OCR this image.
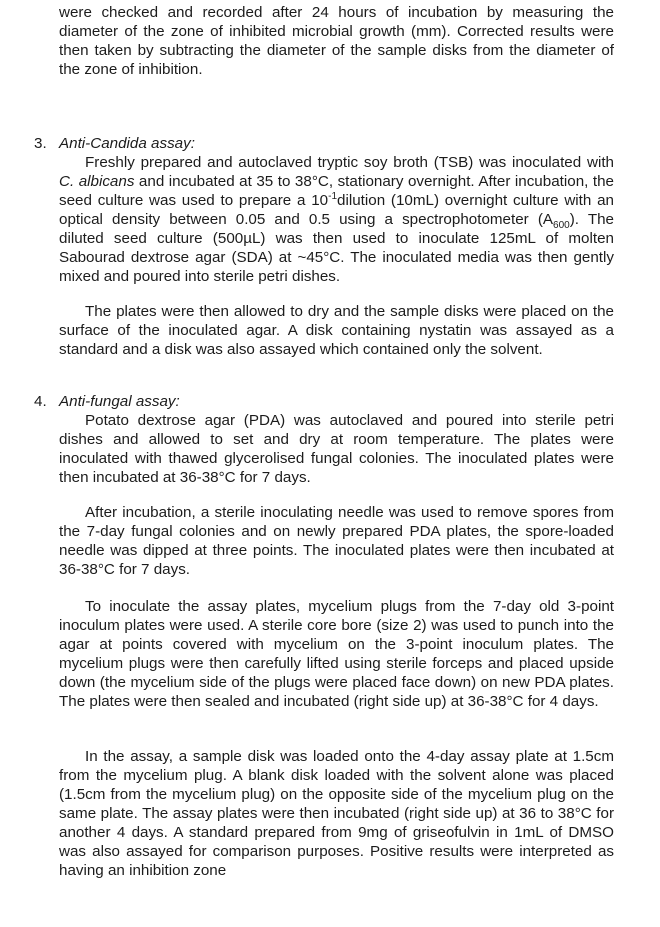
were checked and recorded after 24 hours of incubation by measuring the diameter of the zone of inhibited microbial growth (mm). Corrected results were then taken by subtracting the diameter of the sample disks from the diameter of the zone of inhibition.

3. Anti-Candida assay:

Freshly prepared and autoclaved tryptic soy broth (TSB) was inoculated with C. albicans and incubated at 35 to 38°C, stationary overnight. After incubation, the seed culture was used to prepare a $10^{-1}dilution$ (10mL) overnight culture with an optical density between 0.05 and 0.5 using a spectrophotometer $(A_{600})$. The diluted seed culture (500µL) was then used to inoculate 125mL of molten Sabourad dextrose agar (SDA) at ~45°C. The inoculated media was then gently mixed and poured into sterile petri dishes.

The plates were then allowed to dry and the sample disks were placed on the surface of the inoculated agar. A disk containing nystatin was assayed as a standard and a disk was also assayed which contained only the solvent.

4. Anti-fungal assay:

Potato dextrose agar (PDA) was autoclaved and poured into sterile petri dishes and allowed to set and dry at room temperature. The plates were inoculated with thawed glycerolised fungal colonies. The inoculated plates were then incubated at 36-38°C for 7 days.

After incubation, a sterile inoculating needle was used to remove spores from the 7-day fungal colonies and on newly prepared PDA plates, the spore-loaded needle was dipped at three points. The inoculated plates were then incubated at 36-38°C for 7 days.

To inoculate the assay plates, mycelium plugs from the 7-day old 3-point inoculum plates were used. A sterile core bore (size 2) was used to punch into the agar at points covered with mycelium on the 3-point inoculum plates. The mycelium plugs were then carefully lifted using sterile forceps and placed upside down (the mycelium side of the plugs were placed face down) on new PDA plates. The plates were then sealed and incubated (right side up) at 36-38°C for 4 days.

In the assay, a sample disk was loaded onto the 4-day assay plate at 1.5cm from the mycelium plug. A blank disk loaded with the solvent alone was placed (1.5cm from the mycelium plug) on the opposite side of the mycelium plug on the same plate. The assay plates were then incubated (right side up) at 36 to 38°C for another 4 days. A standard prepared from 9mg of griseofulvin in 1mL of DMSO was also assayed for comparison purposes. Positive results were interpreted as having an inhibition zone
